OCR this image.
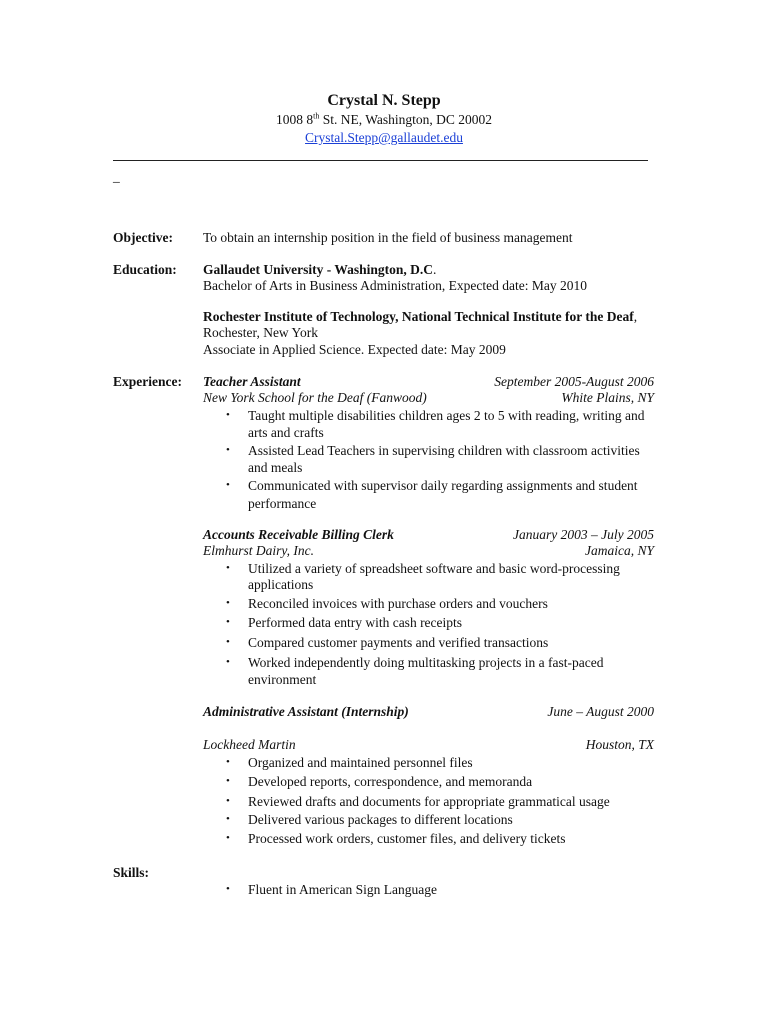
Crystal N. Stepp
1008 8th St. NE, Washington, DC 20002
Crystal.Stepp@gallaudet.edu
_
Objective: To obtain an internship position in the field of business management
Education: Gallaudet University - Washington, D.C.
Bachelor of Arts in Business Administration, Expected date: May 2010
Rochester Institute of Technology, National Technical Institute for the Deaf,
Rochester, New York
Associate in Applied Science. Expected date: May 2009
Experience: Teacher Assistant	September 2005-August 2006
New York School for the Deaf (Fanwood)	White Plains, NY
• Taught multiple disabilities children ages 2 to 5 with reading, writing and
arts and crafts
• Assisted Lead Teachers in supervising children with classroom activities
and meals
• Communicated with supervisor daily regarding assignments and student
performance
Accounts Receivable Billing Clerk	January 2003 – July 2005
Elmhurst Dairy, Inc.	Jamaica, NY
• Utilized a variety of spreadsheet software and basic word-processing
applications
• Reconciled invoices with purchase orders and vouchers
• Performed data entry with cash receipts
• Compared customer payments and verified transactions
• Worked independently doing multitasking projects in a fast-paced
environment
Administrative Assistant (Internship)	June – August 2000
Lockheed Martin	Houston, TX
• Organized and maintained personnel files
• Developed reports, correspondence, and memoranda
• Reviewed drafts and documents for appropriate grammatical usage
• Delivered various packages to different locations
• Processed work orders, customer files, and delivery tickets
Skills:
• Fluent in American Sign Language
